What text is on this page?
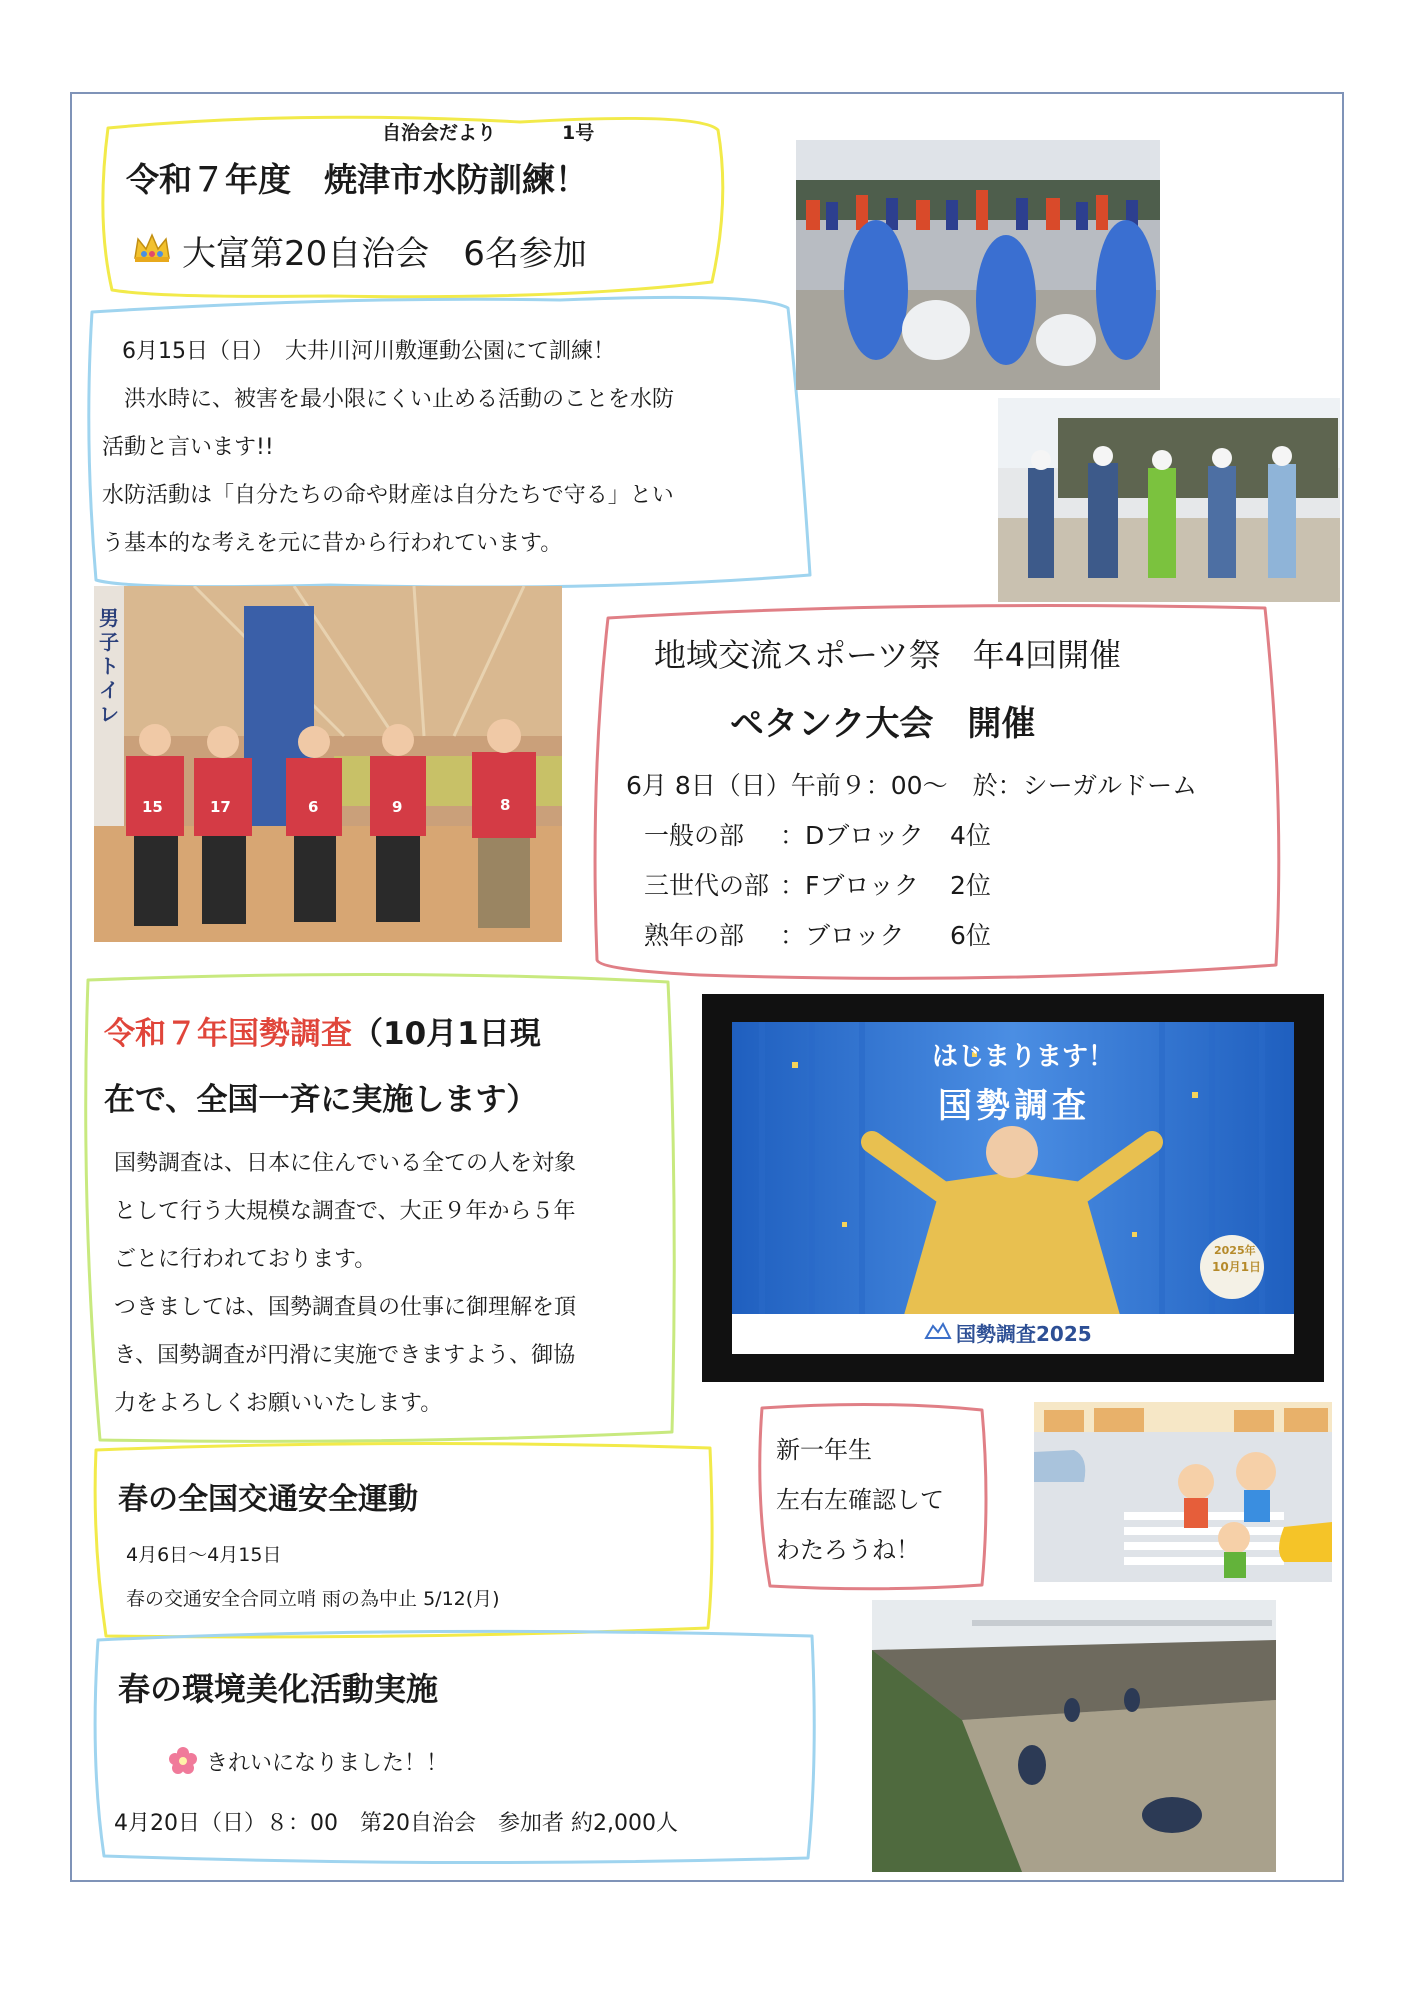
自治会だより	1号
令和７年度　焼津市水防訓練！
大富第20自治会　6名参加
6月15日（日）　大井川河川敷運動公園にて訓練！
　洪水時に、被害を最小限にくい止める活動のことを水防
活動と言います!!
水防活動は「自分たちの命や財産は自分たちで守る」とい
う基本的な考えを元に昔から行われています。
男子トイレ
15	17	6	9	8
地域交流スポーツ祭　年4回開催
ペタンク大会　開催
6月 8日（日）午前９：00～　於：シーガルドーム
一般の部 ：Dブロック 4位
三世代の部 ：Fブロック 2位
熟年の部 ：ブロック 6位
令和７年国勢調査（10月1日現
在で、全国一斉に実施します）
国勢調査は、日本に住んでいる全ての人を対象
として行う大規模な調査で、大正９年から５年
ごとに行われております。
つきましては、国勢調査員の仕事に御理解を頂
き、国勢調査が円滑に実施できますよう、御協
力をよろしくお願いいたします。
はじまります！
国勢調査
2025年
10月1日
国勢調査2025
春の全国交通安全運動
4月6日～4月15日
春の交通安全合同立哨 雨の為中止 5/12(月)
新一年生
左右左確認して
わたろうね！
春の環境美化活動実施
きれいになりました！！
4月20日（日）８：00　第20自治会　参加者 約2,000人
